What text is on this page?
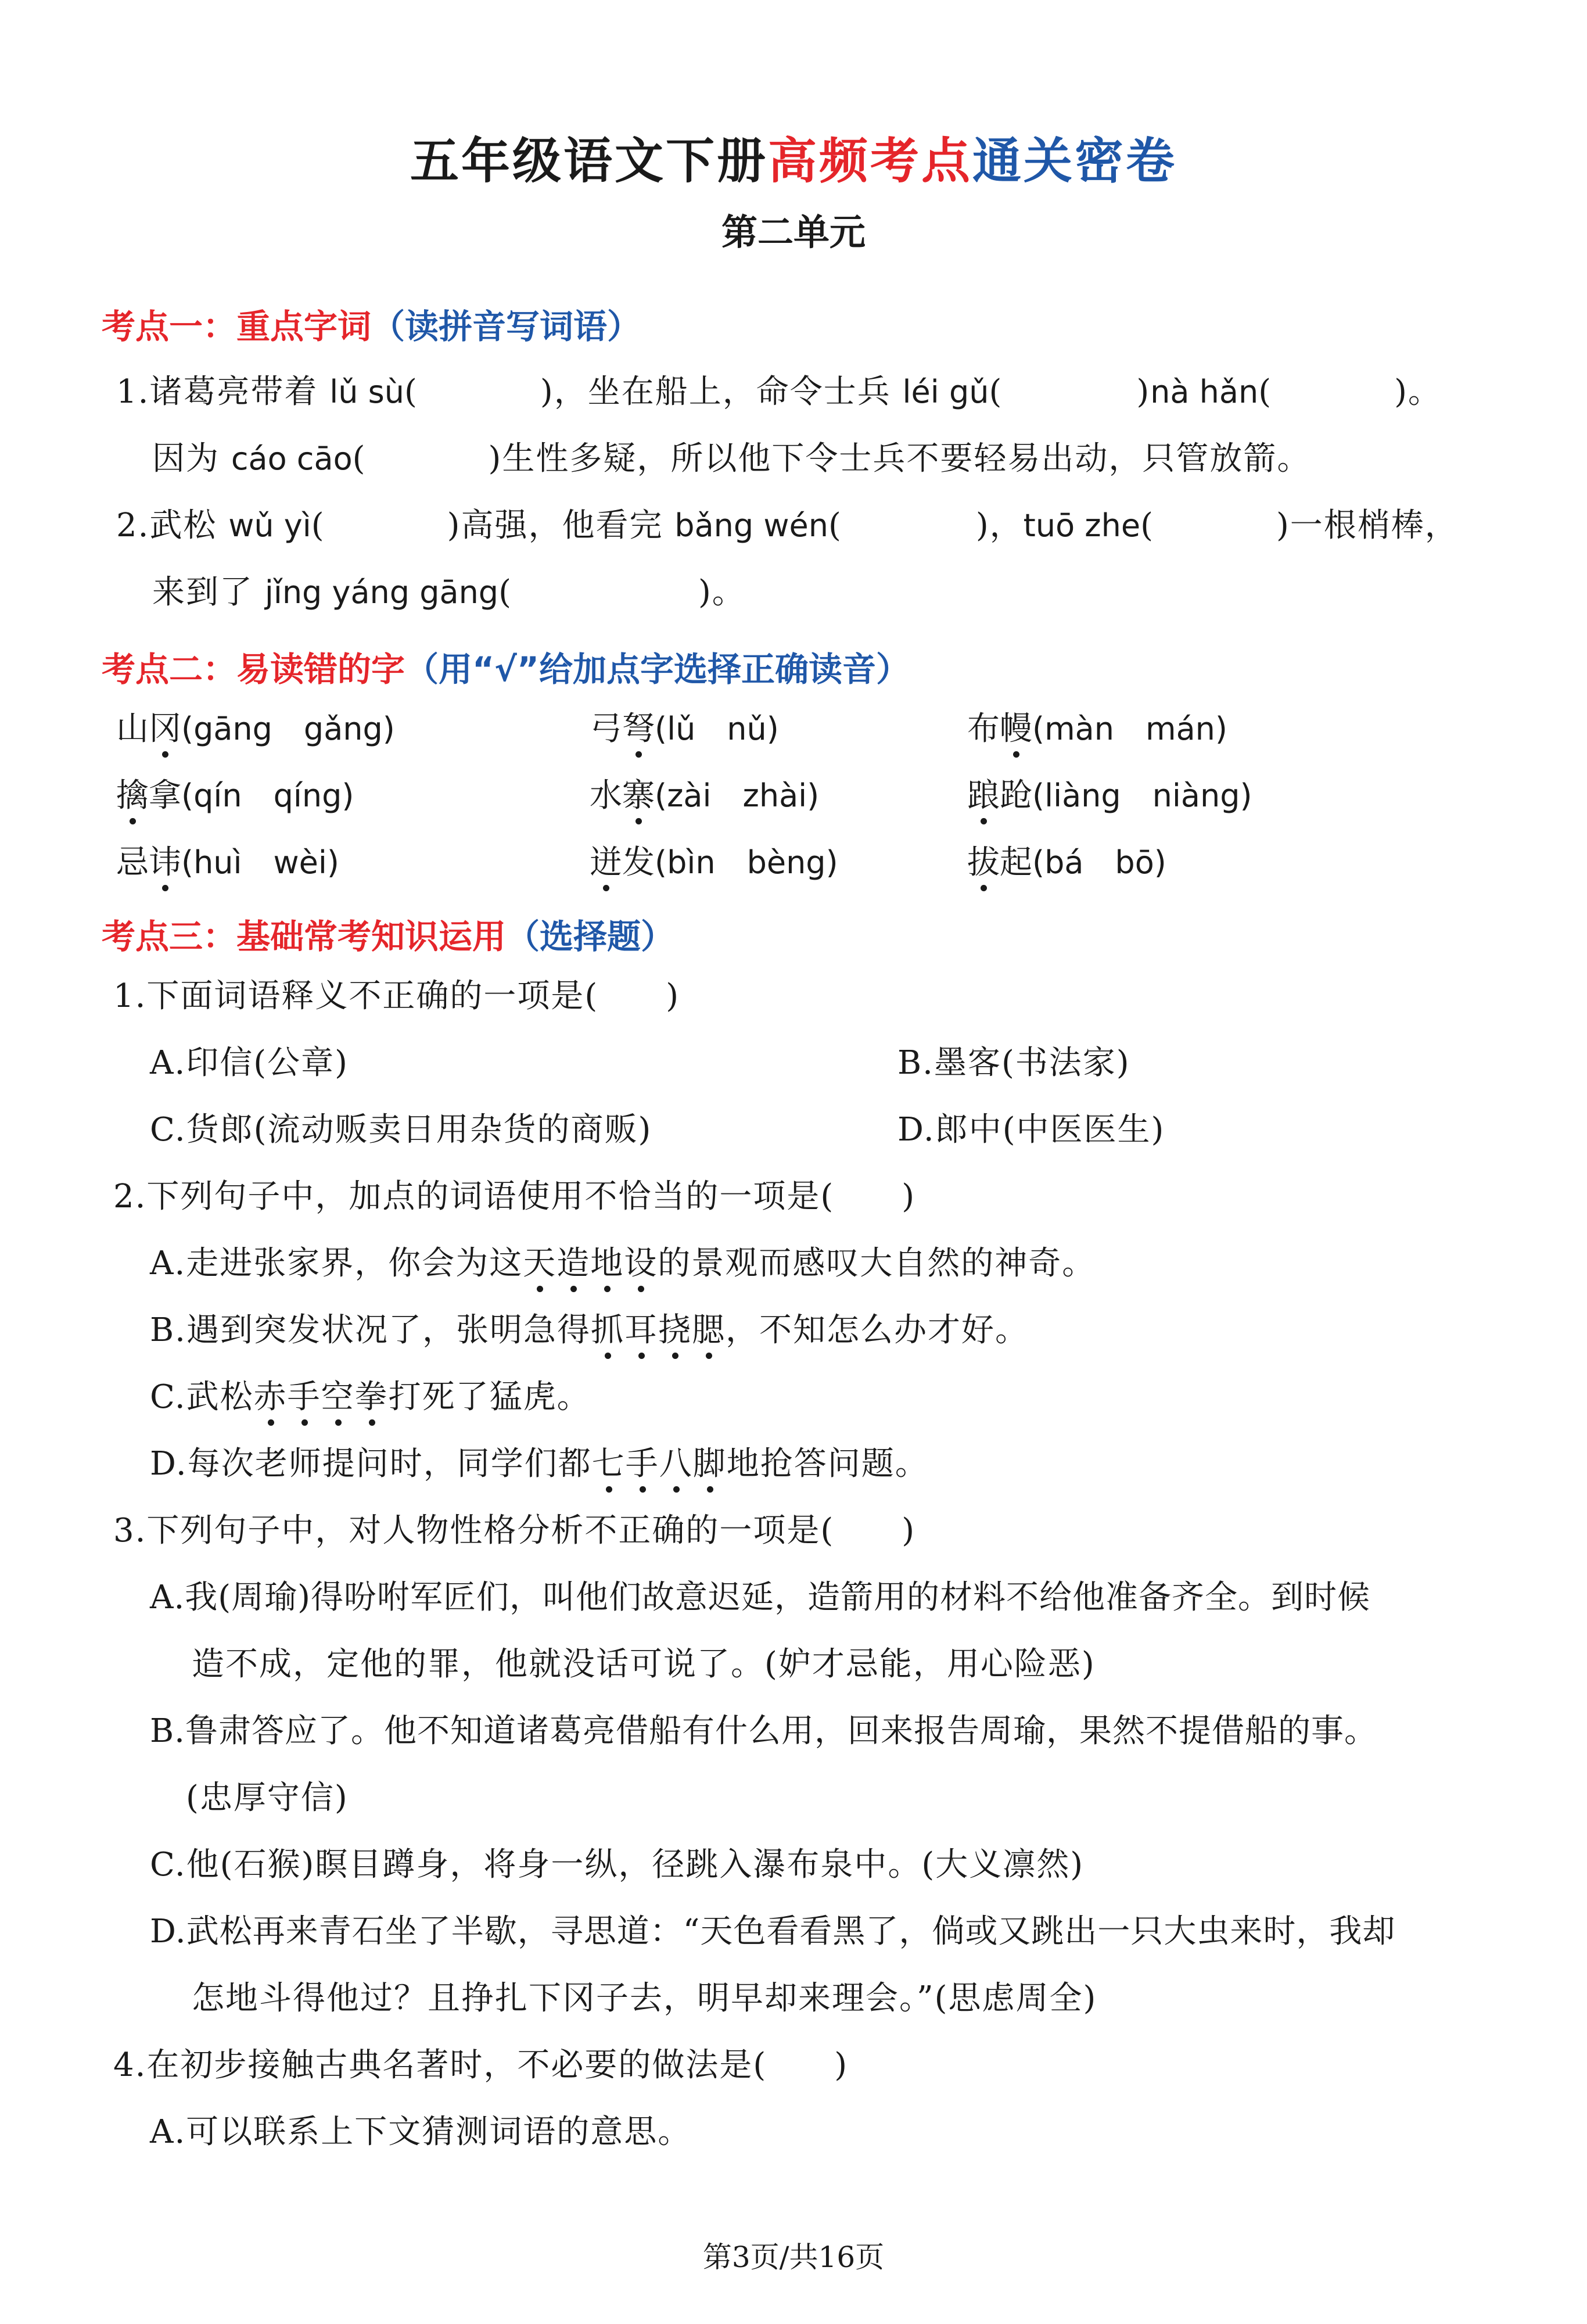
五年级语文下册高频考点通关密卷
第二单元
考点一：重点字词（读拼音写词语）
1.诸葛亮带着 lǔ sù(	)，坐在船上，命令士兵 léi gǔ(	)nà hǎn(	)。
因为 cáo cāo(	)生性多疑，所以他下令士兵不要轻易出动，只管放箭。
2.武松 wǔ yì(	)高强，他看完 bǎng wén(	)，tuō zhe(	)一根梢棒，
来到了 jǐng yáng gāng(	)。
考点二：易读错的字（用“√”给加点字选择正确读音）
山冈(gāng　gǎng)	弓弩(lǔ　nǔ)	布幔(màn　mán)
擒拿(qín　qíng)	水寨(zài　zhài)	踉跄(liàng　niàng)
忌讳(huì　wèi)	迸发(bìn　bèng)	拔起(bá　bō)
考点三：基础常考知识运用（选择题）
1.下面词语释义不正确的一项是(　　)
A.印信(公章)	B.墨客(书法家)
C.货郎(流动贩卖日用杂货的商贩)	D.郎中(中医医生)
2.下列句子中，加点的词语使用不恰当的一项是(　　)
A.走进张家界，你会为这天造地设的景观而感叹大自然的神奇。
B.遇到突发状况了，张明急得抓耳挠腮，不知怎么办才好。
C.武松赤手空拳打死了猛虎。
D.每次老师提问时，同学们都七手八脚地抢答问题。
3.下列句子中，对人物性格分析不正确的一项是(　　)
A.我(周瑜)得吩咐军匠们，叫他们故意迟延，造箭用的材料不给他准备齐全。到时候
造不成，定他的罪，他就没话可说了。(妒才忌能，用心险恶)
B.鲁肃答应了。他不知道诸葛亮借船有什么用，回来报告周瑜，果然不提借船的事。
(忠厚守信)
C.他(石猴)瞑目蹲身，将身一纵，径跳入瀑布泉中。(大义凛然)
D.武松再来青石坐了半歇，寻思道：“天色看看黑了，倘或又跳出一只大虫来时，我却
怎地斗得他过？且挣扎下冈子去，明早却来理会。”(思虑周全)
4.在初步接触古典名著时，不必要的做法是(　　)
A.可以联系上下文猜测词语的意思。
第3页/共16页
